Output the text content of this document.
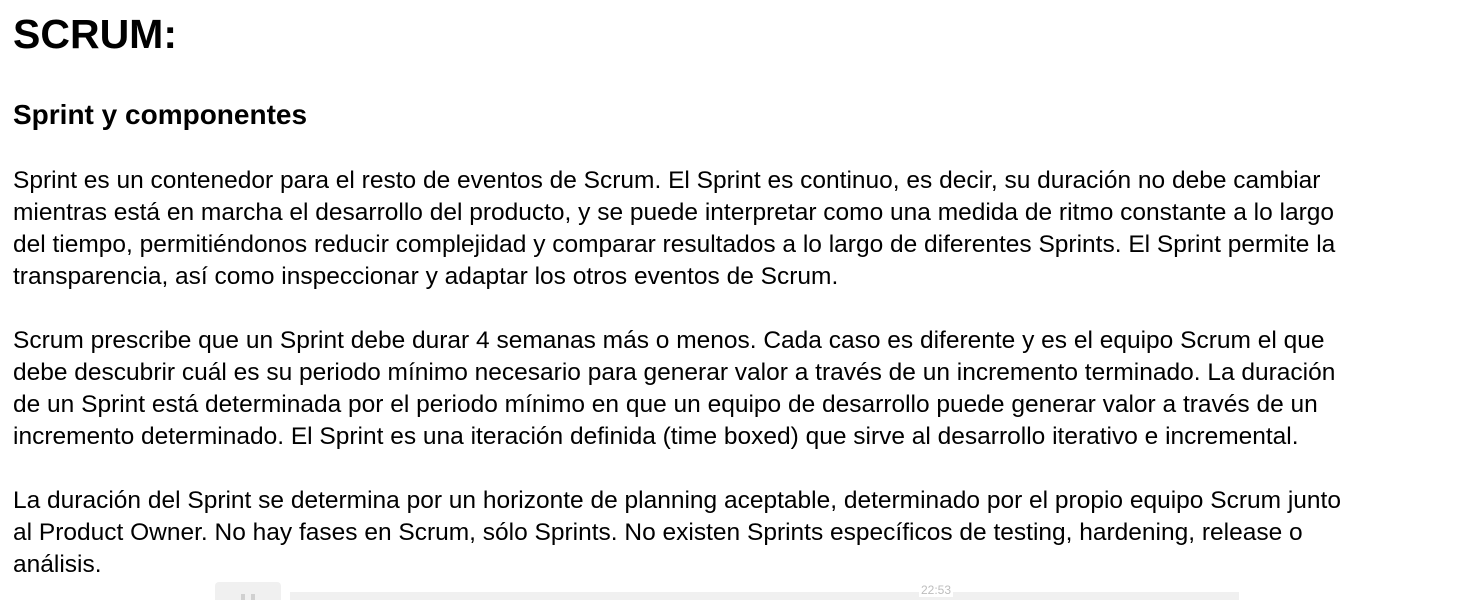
SCRUM:
Sprint y componentes

Sprint es un contenedor para el resto de eventos de Scrum. El Sprint es continuo, es decir, su duración no debe cambiar
mientras está en marcha el desarrollo del producto, y se puede interpretar como una medida de ritmo constante a lo largo
del tiempo, permitiéndonos reducir complejidad y comparar resultados a lo largo de diferentes Sprints. El Sprint permite la
transparencia, así como inspeccionar y adaptar los otros eventos de Scrum.

Scrum prescribe que un Sprint debe durar 4 semanas más o menos. Cada caso es diferente y es el equipo Scrum el que
debe descubrir cuál es su periodo mínimo necesario para generar valor a través de un incremento terminado. La duración
de un Sprint está determinada por el periodo mínimo en que un equipo de desarrollo puede generar valor a través de un
incremento determinado. El Sprint es una iteración definida (time boxed) que sirve al desarrollo iterativo e incremental.

La duración del Sprint se determina por un horizonte de planning aceptable, determinado por el propio equipo Scrum junto
al Product Owner. No hay fases en Scrum, sólo Sprints. No existen Sprints específicos de testing, hardening, release o
análisis.

22:53
